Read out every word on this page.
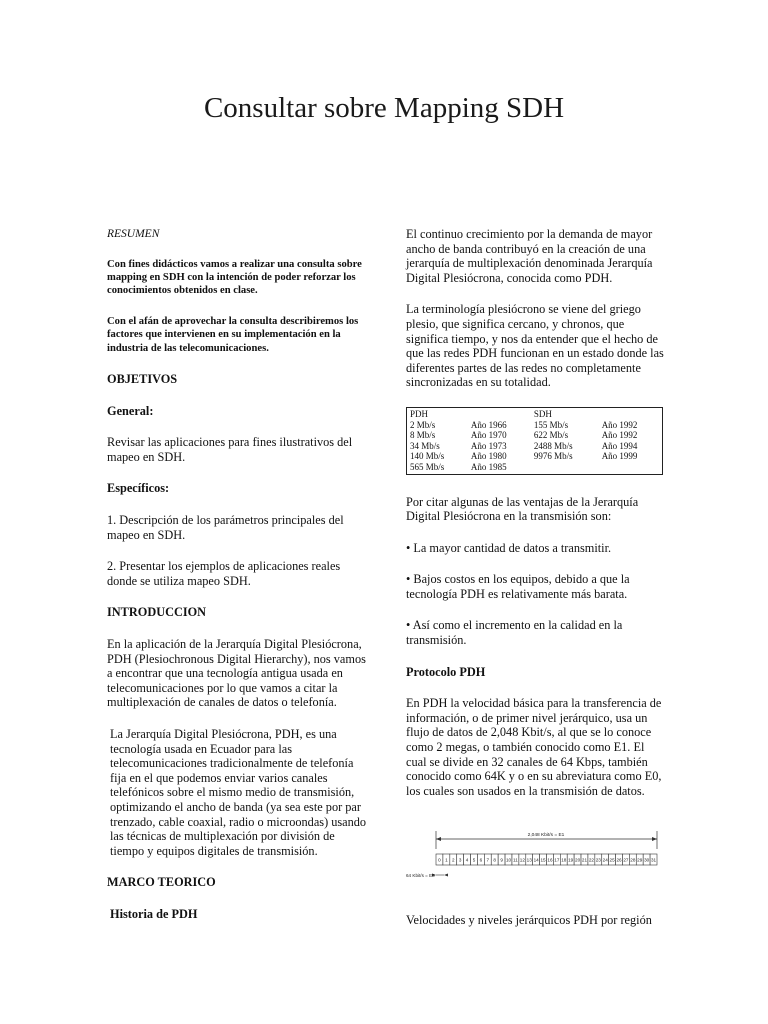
Consultar sobre Mapping SDH

RESUMEN

Con fines didácticos vamos a realizar una consulta sobre mapping en SDH con la intención de poder reforzar los conocimientos obtenidos en clase.

Con el afán de aprovechar la consulta describiremos los factores que intervienen en su implementación en la industria de las telecomunicaciones.

OBJETIVOS

General:

Revisar las aplicaciones para fines ilustrativos del mapeo en SDH.

Específicos:

1. Descripción de los parámetros principales del mapeo en SDH.

2. Presentar los ejemplos de aplicaciones reales donde se utiliza mapeo SDH.

INTRODUCCION

En la aplicación de la Jerarquía Digital Plesiócrona, PDH (Plesiochronous Digital Hierarchy), nos vamos a encontrar que una tecnología antigua usada en telecomunicaciones por lo que vamos a citar la multiplexación de canales de datos o telefonía.

La Jerarquía Digital Plesiócrona, PDH, es una tecnología usada en Ecuador para las telecomunicaciones tradicionalmente de telefonía fija en el que podemos enviar varios canales telefónicos sobre el mismo medio de transmisión, optimizando el ancho de banda (ya sea este por par trenzado, cable coaxial, radio o microondas) usando las técnicas de multiplexación por división de tiempo y equipos digitales de transmisión.

MARCO TEORICO

Historia de PDH

El continuo crecimiento por la demanda de mayor ancho de banda contribuyó en la creación de una jerarquía de multiplexación denominada Jerarquía Digital Plesiócrona, conocida como PDH.

La terminología plesiócrono se viene del griego plesio, que significa cercano, y chronos, que significa tiempo, y nos da entender que el hecho de que las redes PDH funcionan en un estado donde las diferentes partes de las redes no completamente sincronizadas en su totalidad.

PDH		SDH	
2 Mb/s	Año 1966	155 Mb/s	Año 1992
8 Mb/s	Año 1970	622 Mb/s	Año 1992
34 Mb/s	Año 1973	2488 Mb/s	Año 1994
140 Mb/s	Año 1980	9976 Mb/s	Año 1999
565 Mb/s	Año 1985		

Por citar algunas de las ventajas de la Jerarquía Digital Plesiócrona en la transmisión son:

• La mayor cantidad de datos a transmitir.

• Bajos costos en los equipos, debido a que la tecnología PDH es relativamente más barata.

• Así como el incremento en la calidad en la transmisión.

Protocolo PDH

En PDH la velocidad básica para la transferencia de información, o de primer nivel jerárquico, usa un flujo de datos de 2,048 Kbit/s, al que se lo conoce como 2 megas, o también conocido como E1. El cual se divide en 32 canales de 64 Kbps, también conocido como 64K y o en su abreviatura como E0, los cuales son usados en la transmisión de datos.

2,048 Kbit/s = E1
0 1 2 3 4 5 6 7 8 9 10 11 12 13 14 15 16 17 18 19 20 21 22 23 24 25 26 27 28 29 30 31
64 Kbit/s = E0

Velocidades y niveles jerárquicos PDH por región
